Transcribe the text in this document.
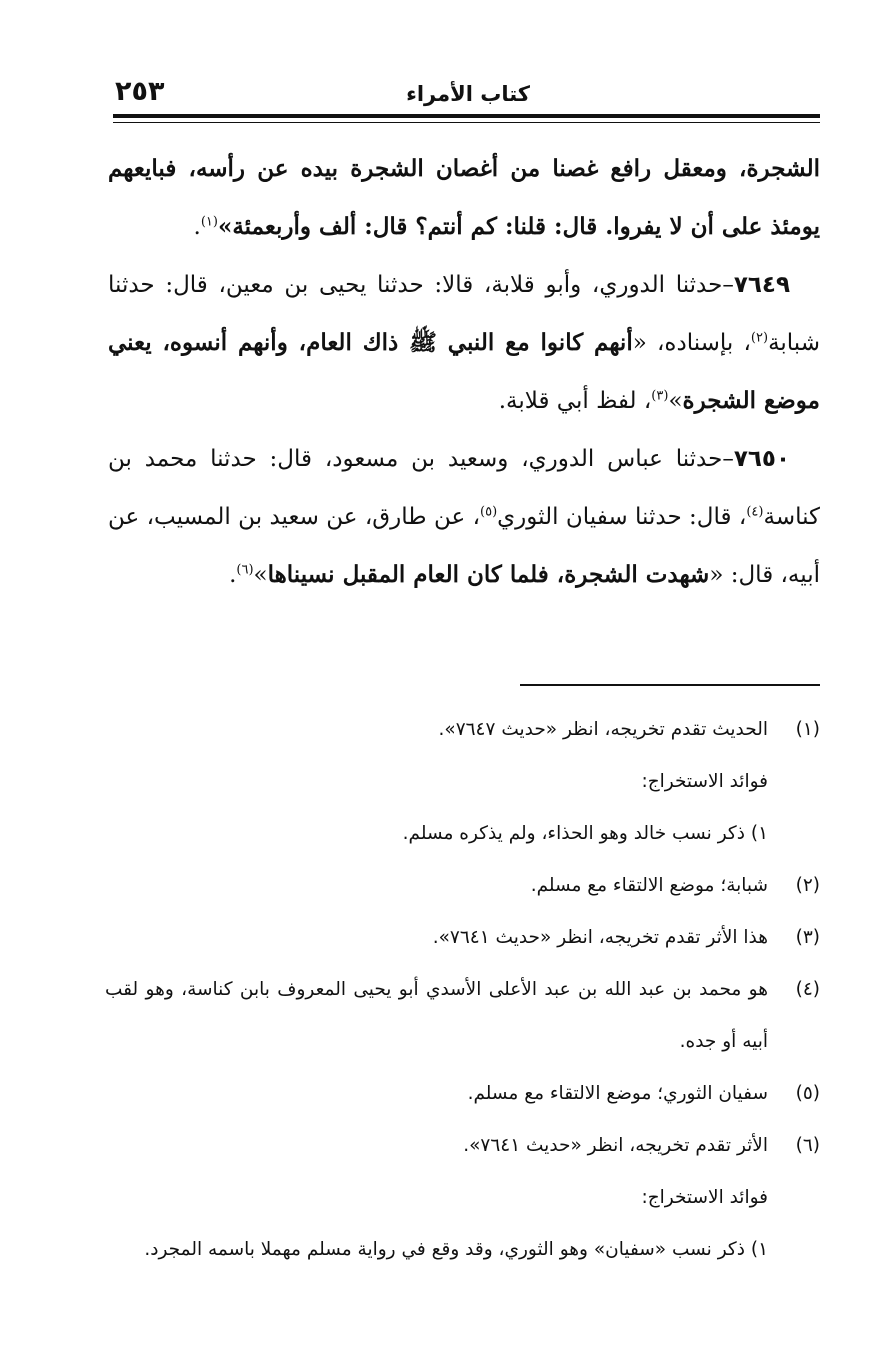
٢٥٣	كتاب الأمراء

الشجرة، ومعقل رافع غصنا من أغصان الشجرة بيده عن رأسه، فبايعهم يومئذ على أن لا يفروا. قال: قلنا: كم أنتم؟ قال: ألف وأربعمئة»$^{(١)}$.

٧٦٤٩–حدثنا الدوري، وأبو قلابة، قالا: حدثنا يحيى بن معين، قال: حدثنا شبابة$^{(٢)}$، بإسناده، «أنهم كانوا مع النبي ﷺ ذاك العام، وأنهم أنسوه، يعني موضع الشجرة»$^{(٣)}$، لفظ أبي قلابة.

٧٦٥٠–حدثنا عباس الدوري، وسعيد بن مسعود، قال: حدثنا محمد بن كناسة$^{(٤)}$، قال: حدثنا سفيان الثوري$^{(٥)}$، عن طارق، عن سعيد بن المسيب، عن أبيه، قال: «شهدت الشجرة، فلما كان العام المقبل نسيناها»$^{(٦)}$.

(١)
الحديث تقدم تخريجه، انظر «حديث ٧٦٤٧».
فوائد الاستخراج:
١) ذكر نسب خالد وهو الحذاء، ولم يذكره مسلم.
(٢)
شبابة؛ موضع الالتقاء مع مسلم.
(٣)
هذا الأثر تقدم تخريجه، انظر «حديث ٧٦٤١».
(٤)
هو محمد بن عبد الله بن عبد الأعلى الأسدي أبو يحيى المعروف بابن كناسة، وهو لقب أبيه أو جده.
(٥)
سفيان الثوري؛ موضع الالتقاء مع مسلم.
(٦)
الأثر تقدم تخريجه، انظر «حديث ٧٦٤١».
فوائد الاستخراج:
١) ذكر نسب «سفيان» وهو الثوري، وقد وقع في رواية مسلم مهملا باسمه المجرد.
